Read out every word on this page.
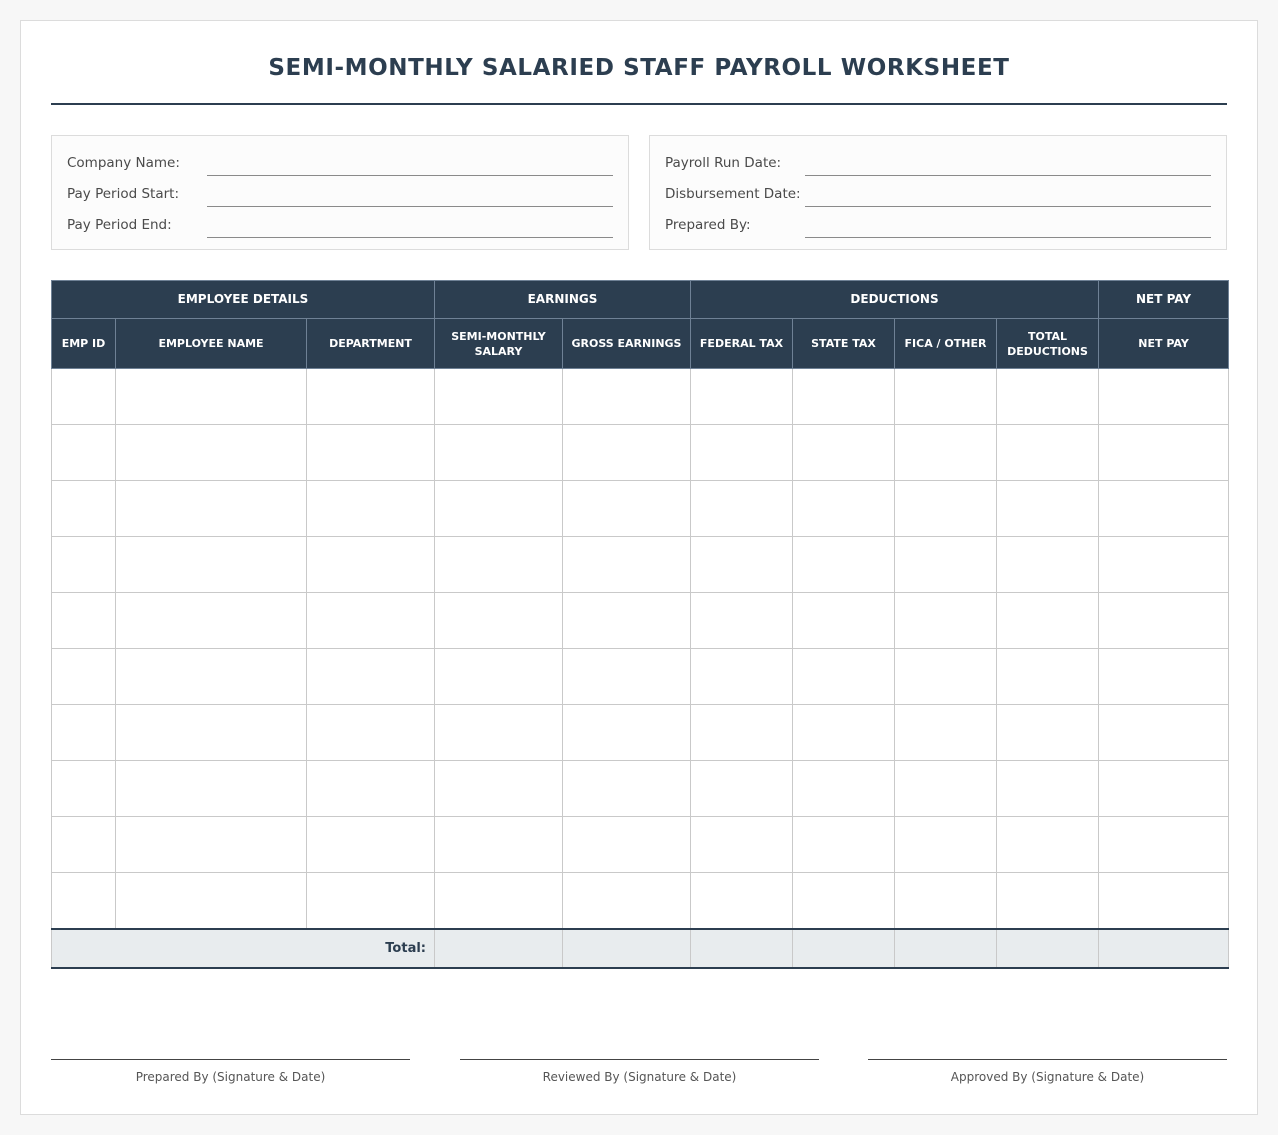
SEMI-MONTHLY SALARIED STAFF PAYROLL WORKSHEET
Company Name:
Pay Period Start:
Pay Period End:
Payroll Run Date:
Disbursement Date:
Prepared By:
EMPLOYEE DETAILS			EARNINGS		DEDUCTIONS				NET PAY
EMP ID	EMPLOYEE NAME	DEPARTMENT	SEMI-MONTHLY SALARY	GROSS EARNINGS	FEDERAL TAX	STATE TAX	FICA / OTHER	TOTAL DEDUCTIONS	NET PAY

Total:									
Prepared By (Signature & Date)	Reviewed By (Signature & Date)	Approved By (Signature & Date)
